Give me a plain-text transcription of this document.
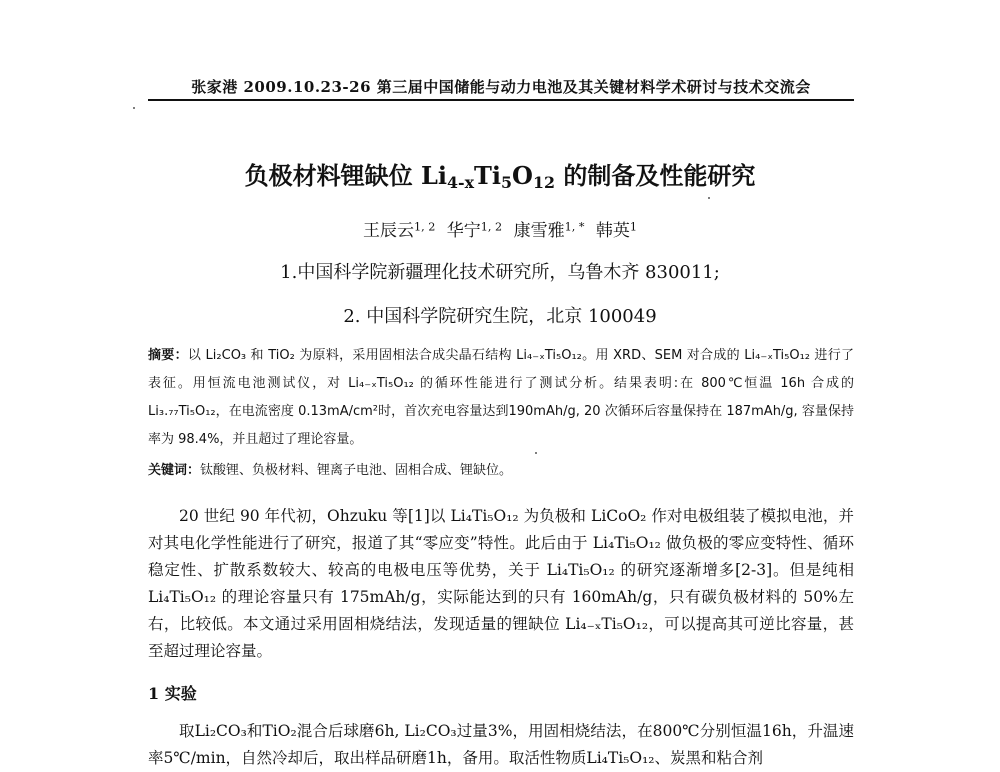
张家港 2009.10.23-26 第三届中国储能与动力电池及其关键材料学术研讨与技术交流会
负极材料锂缺位 $Li_{4-x}Ti_5O_{12}$ 的制备及性能研究
王辰云$^{1, 2}$ 华宁$^{1, 2}$ 康雪雅$^{1, *}$ 韩英$^1$
1.中国科学院新疆理化技术研究所，乌鲁木齐 830011;
2. 中国科学院研究生院，北京 100049
摘要：以 Li₂CO₃ 和 TiO₂ 为原料，采用固相法合成尖晶石结构 Li₄₋ₓTi₅O₁₂。用 XRD、SEM 对合成的 Li₄₋ₓTi₅O₁₂ 进行了表征。用恒流电池测试仪，对 Li₄₋ₓTi₅O₁₂ 的循环性能进行了测试分析。结果表明:在 800℃恒温 16h 合成的 Li₃.₇₇Ti₅O₁₂，在电流密度 0.13mA/cm²时，首次充电容量达到190mAh/g, 20 次循环后容量保持在 187mAh/g, 容量保持率为 98.4%，并且超过了理论容量。
关键词：钛酸锂、负极材料、锂离子电池、固相合成、锂缺位。

20 世纪 90 年代初，Ohzuku 等[1]以 Li₄Ti₅O₁₂ 为负极和 LiCoO₂ 作对电极组装了模拟电池，并对其电化学性能进行了研究，报道了其“零应变”特性。此后由于 Li₄Ti₅O₁₂ 做负极的零应变特性、循环稳定性、扩散系数较大、较高的电极电压等优势，关于 Li₄Ti₅O₁₂ 的研究逐渐增多[2-3]。但是纯相 Li₄Ti₅O₁₂ 的理论容量只有 175mAh/g，实际能达到的只有 160mAh/g，只有碳负极材料的 50%左右，比较低。本文通过采用固相烧结法，发现适量的锂缺位 Li₄₋ₓTi₅O₁₂，可以提高其可逆比容量，甚至超过理论容量。

1 实验

取Li₂CO₃和TiO₂混合后球磨6h, Li₂CO₃过量3%，用固相烧结法，在800℃分别恒温16h，升温速率5℃/min，自然冷却后，取出样品研磨1h，备用。取活性物质Li₄Ti₅O₁₂、炭黑和粘合剂
